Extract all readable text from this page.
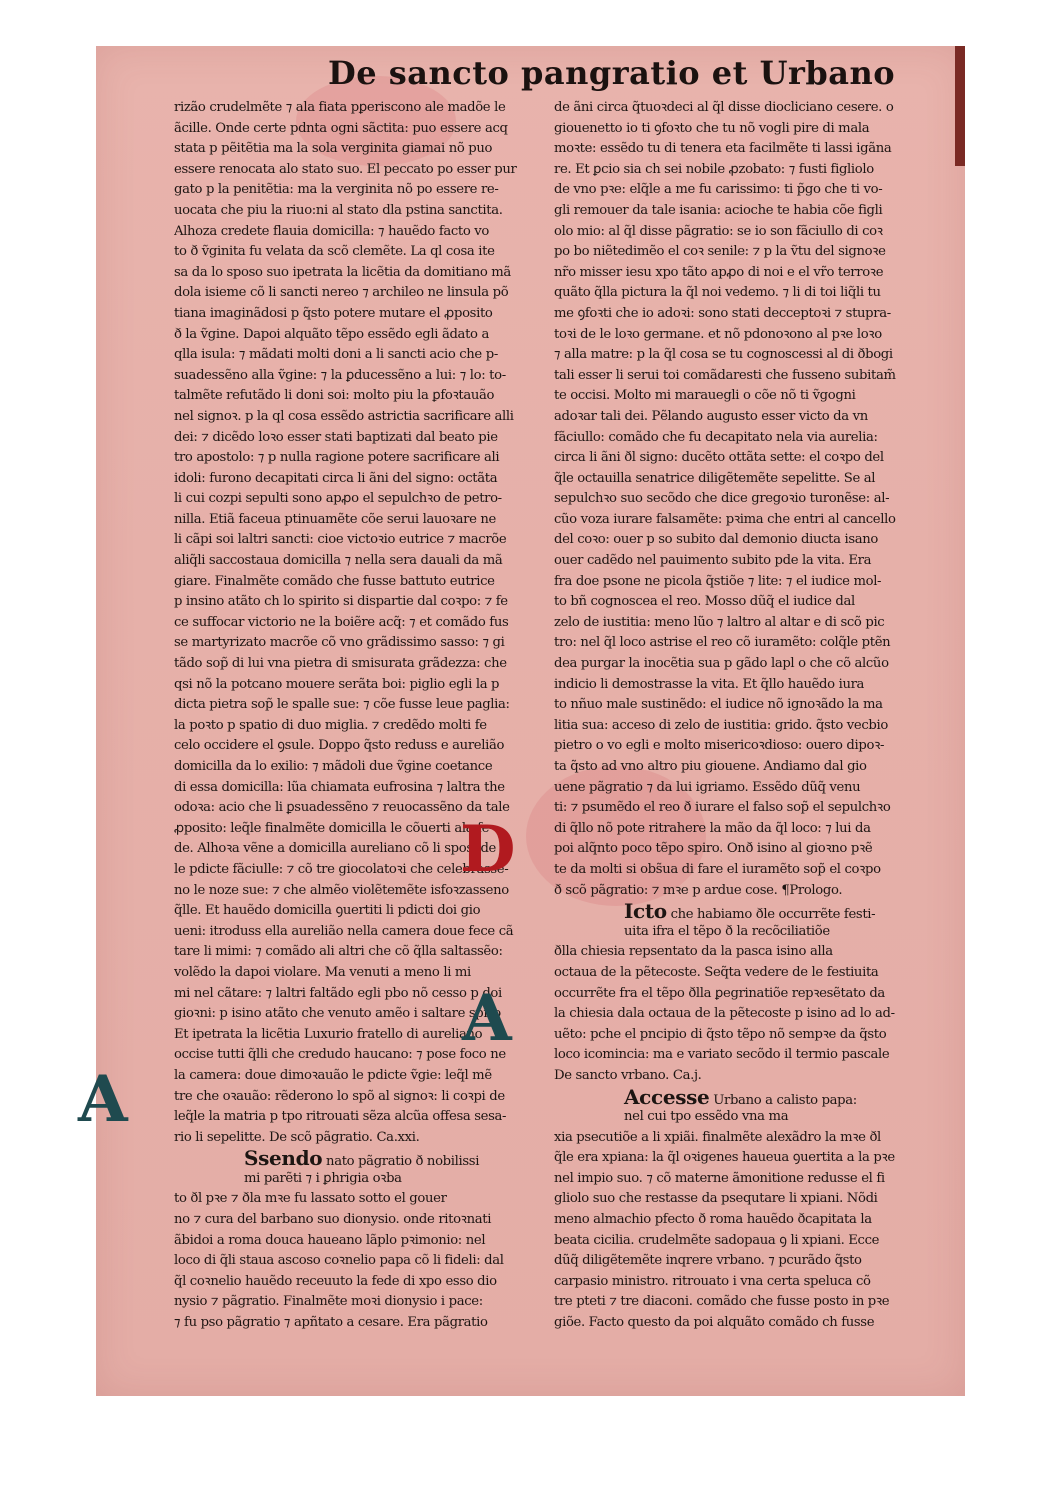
De sancto pangratio et Urbano
rizão crudelmẽte ⁊ ala fiata pꝑeriscono ale madõe le
ãcille. Onde certe pdnta ogni sãctita: puo essere acq
stata p pẽitẽtia ma la sola verginita giamai nõ puo
essere renocata alo stato suo. El peccato po esser pur
gato p la penitẽtia: ma la verginita nõ po essere re-
uocata che piu la riuo:ni al stato dla pstina sanctita.
Alhoza credete flauia domicilla: ⁊ hauẽdo facto vo
to ð ṽginita fu velata da scõ clemẽte. La ql cosa ite
sa da lo sposo suo ipetrata la licẽtia da domitiano mã
dola isieme cõ li sancti nereo ⁊ archileo ne linsula põ
tiana imaginãdosi p q̃sto potere mutare el ꝓposito
ð la ṽgine. Dapoi alquãto tẽpo essẽdo egli ãdato a
qlla isula: ⁊ mãdati molti doni a li sancti acio che p-
suadessẽno alla ṽgine: ⁊ la ꝑducessẽno a lui: ⁊ lo: to-
talmẽte refutãdo li doni soi: molto piu la ꝑfoꝛtauão
nel signoꝛ. p la ql cosa essẽdo astrictia sacrificare alli
dei: ⁊ dicẽdo loꝛo esser stati baptizati dal beato pie
tro apostolo: ⁊ p nulla ragione potere sacrificare ali
idoli: furono decapitati circa li ãni del signo: octãta
li cui cozpi sepulti sono apꝓo el sepulchꝛo de petro-
nilla. Etiã faceua ptinuamẽte cõe serui lauoꝛare ne
li cãpi soi laltri sancti: cioe victoꝛio eutrice ⁊ macrõe
aliq̃li saccostaua domicilla ⁊ nella sera dauali da mã
giare. Finalmẽte comãdo che fusse battuto eutrice
p insino atãto ch lo spirito si dispartie dal coꝛpo: ⁊ fe
ce suffocar victorio ne la boiẽre acq̃: ⁊ et comãdo fus
se martyrizato macrõe cõ vno grãdissimo sasso: ⁊ gi
tãdo sop̃ di lui vna pietra di smisurata grãdezza: che
qsi nõ la potcano mouere serãta boi: piglio egli la p
dicta pietra sop̃ le spalle sue: ⁊ cõe fusse leue paglia:
la poꝛto p spatio di duo miglia. ⁊ credẽdo molti fe
celo occidere el ꝯsule. Doppo q̃sto reduss e aurelião
domicilla da lo exilio: ⁊ mãdoli due ṽgine coetance
di essa domicilla: lũa chiamata eufrosina ⁊ laltra the
odoꝛa: acio che li ꝑsuadessẽno ⁊ reuocassẽno da tale
ꝓposito: leq̃le finalmẽte domicilla le cõuerti ala fe-
de. Alhoꝛa vẽne a domicilla aureliano cõ li sposi de
le pdicte fãciulle: ⁊ cõ tre giocolatoꝛi che celebrasse-
no le noze sue: ⁊ che almẽo violẽtemẽte isfoꝛzasseno
q̃lle. Et hauẽdo domicilla ꝯuertiti li pdicti doi gio
ueni: itroduss ella aurelião nella camera doue fece cã
tare li mimi: ⁊ comãdo ali altri che cõ q̃lla saltassẽo:
volẽdo la dapoi violare. Ma venuti a meno li mi
mi nel cãtare: ⁊ laltri faltãdo egli pbo nõ cesso p doi
gioꝛni: p isino atãto che venuto amẽo i saltare spiro
Et ipetrata la licẽtia Luxurio fratello di aureliano
occise tutti q̃lli che credudo haucano: ⁊ pose foco ne
la camera: doue dimoꝛauão le pdicte ṽgie: leq̃l mẽ
tre che oꝛauão: rẽderono lo spõ al signoꝛ: li coꝛpi de
leq̃le la matria p tpo ritrouati sẽza alcũa offesa sesa-
rio li sepelitte. De scõ pãgratio. Ca.xxi.
Ssendo nato pãgratio ð nobilissi
mi parẽti ⁊ i ꝑhrigia oꝛba
to ðl pꝛe ⁊ ðla mꝛe fu lassato sotto el gouer
no ⁊ cura del barbano suo dionysio. onde ritoꝛnati
ãbidoi a roma douca haueano lãplo pꝛimonio: nel
loco di q̃li staua ascoso coꝛnelio papa cõ li fideli: dal
q̃l coꝛnelio hauẽdo receuuto la fede di xpo esso dio
nysio ⁊ pãgratio. Finalmẽte moꝛi dionysio i pace:
⁊ fu pso pãgratio ⁊ apñtato a cesare. Era pãgratio
de ãni circa q̃tuoꝛdeci al q̃l disse diocliciano cesere. o
giouenetto io ti ꝯfoꝛto che tu nõ vogli pire di mala
moꝛte: essẽdo tu di tenera eta facilmẽte ti lassi igãna
re. Et ꝑcio sia ch sei nobile ꝓzobato: ⁊ fusti figliolo
de vno pꝛe: elq̃le a me fu carissimo: ti p̃go che ti vo-
gli remouer da tale isania: acioche te habia cõe figli
olo mio: al q̃l disse pãgratio: se io son fãciullo di coꝛ
po bo niẽtedimẽo el coꝛ senile: ⁊ p la ṽtu del signoꝛe
nr̃o misser iesu xpo tãto apꝓo di noi e el vr̃o terroꝛe
quãto q̃lla pictura la q̃l noi vedemo. ⁊ li di toi liq̃li tu
me ꝯfoꝛti che io adoꝛi: sono stati decceptoꝛi ⁊ stupra-
toꝛi de le loꝛo germane. et nõ pdonoꝛono al pꝛe loꝛo
⁊ alla matre: p la q̃l cosa se tu cognoscessi al di ðbogi
tali esser li serui toi comãdaresti che fusseno subitam̃
te occisi. Molto mi marauegli o cõe nõ ti ṽgogni
adoꝛar tali dei. Pẽlando augusto esser victo da vn
fãciullo: comãdo che fu decapitato nela via aurelia:
circa li ãni ðl signo: ducẽto ottãta sette: el coꝛpo del
q̃le octauilla senatrice diligẽtemẽte sepelitte. Se al
sepulchꝛo suo secõdo che dice gregoꝛio turonẽse: al-
cũo voza iurare falsamẽte: pꝛima che entri al cancello
del coꝛo: ouer p so subito dal demonio diucta isano
ouer cadẽdo nel pauimento subito pde la vita. Era
fra doe psone ne picola q̃stiõe ⁊ lite: ⁊ el iudice mol-
to bñ cognoscea el reo. Mosso dũq̃ el iudice dal
zelo de iustitia: meno lũo ⁊ laltro al altar e di scõ pic
tro: nel q̃l loco astrise el reo cõ iuramẽto: colq̃le ptẽn
dea purgar la inocẽtia sua p gãdo lapl o che cõ alcũo
indicio li demostrasse la vita. Et q̃llo hauẽdo iura
to nñuo male sustinẽdo: el iudice nõ ignoꝛãdo la ma
litia sua: acceso di zelo de iustitia: grido. q̃sto vecbio
pietro o vo egli e molto misericoꝛdioso: ouero dipoꝛ-
ta q̃sto ad vno altro piu giouene. Andiamo dal gio
uene pãgratio ⁊ da lui igriamo. Essẽdo dũq̃ venu
ti: ⁊ psumẽdo el reo ð iurare el falso sop̃ el sepulchꝛo
di q̃llo nõ pote ritrahere la mão da q̃l loco: ⁊ lui da
poi alq̃nto poco tẽpo spiro. Onð isino al gioꝛno pꝛẽ
te da molti si obs̃ua di fare el iuramẽto sop̃ el coꝛpo
ð scõ pãgratio: ⁊ mꝛe p ardue cose. ¶Prologo.
Icto che habiamo ðle occurrẽte festi-
uita ifra el tẽpo ð la recõciliatiõe
ðlla chiesia repsentato da la pasca isino alla
octaua de la pẽtecoste. Seq̃ta vedere de le festiuita
occurrẽte fra el tẽpo ðlla ꝑegrinatiõe repꝛesẽtato da
la chiesia dala octaua de la pẽtecoste p isino ad lo ad-
uẽto: pche el pncipio di q̃sto tẽpo nõ sempꝛe da q̃sto
loco icomincia: ma e variato secõdo il termio pascale
De sancto vrbano. Ca.j.
Accesse Urbano a calisto papa:
nel cui tpo essẽdo vna ma
xia psecutiõe a li xpiãi. finalmẽte alexãdro la mꝛe ðl
q̃le era xpiana: la q̃l oꝛigenes haueua ꝯuertita a la pꝛe
nel impio suo. ⁊ cõ materne ãmonitione redusse el fi
gliolo suo che restasse da psequtare li xpiani. Nõdi
meno almachio pfecto ð roma hauẽdo ðcapitata la
beata cicilia. crudelmẽte sadopaua ꝯ li xpiani. Ecce
dũq̃ diligẽtemẽte inqrere vrbano. ⁊ pcurãdo q̃sto
carpasio ministro. ritrouato i vna certa speluca cõ
tre pteti ⁊ tre diaconi. comãdo che fusse posto in pꝛe
giõe. Facto questo da poi alquãto comãdo ch fusse
A
D
A
